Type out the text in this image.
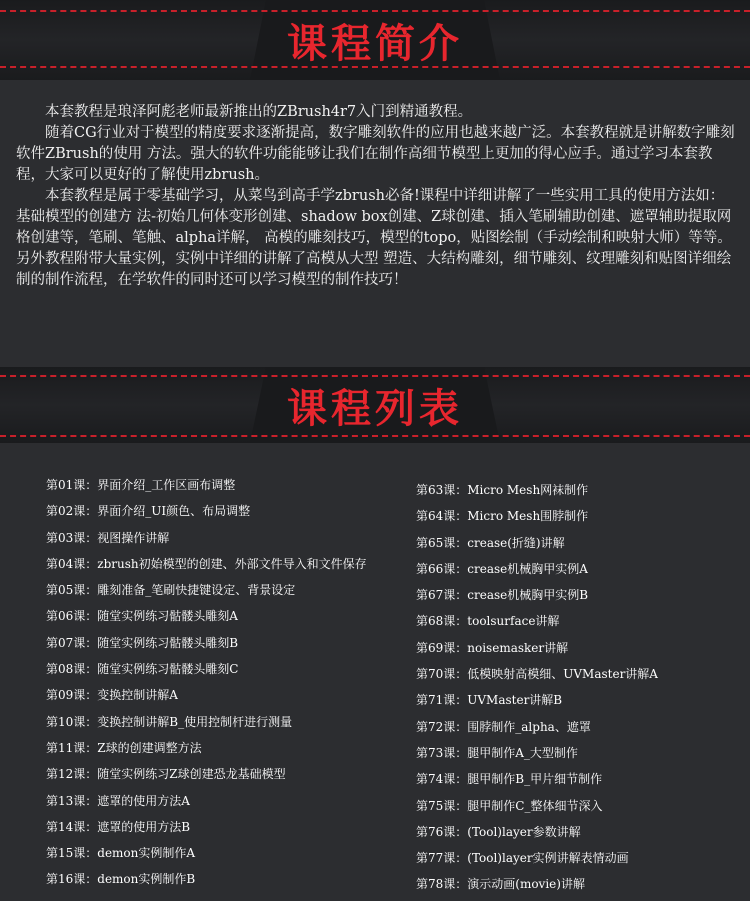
课程简介

本套教程是琅泽阿彪老师最新推出的ZBrush4r7入门到精通教程。

随着CG行业对于模型的精度要求逐渐提高，数字雕刻软件的应用也越来越广泛。本套教程就是讲解数字雕刻软件ZBrush的使用 方法。强大的软件功能能够让我们在制作高细节模型上更加的得心应手。通过学习本套教程，大家可以更好的了解使用zbrush。

本套教程是属于零基础学习，从菜鸟到高手学zbrush必备!课程中详细讲解了一些实用工具的使用方法如：基础模型的创建方 法-初始几何体变形创建、shadow box创建、Z球创建、插入笔刷辅助创建、遮罩辅助提取网格创建等，笔刷、笔触、alpha详解， 高模的雕刻技巧，模型的topo，贴图绘制（手动绘制和映射大师）等等。另外教程附带大量实例，实例中详细的讲解了高模从大型 塑造、大结构雕刻，细节雕刻、纹理雕刻和贴图详细绘制的制作流程，在学软件的同时还可以学习模型的制作技巧！

课程列表
第01课：界面介绍_工作区画布调整
第02课：界面介绍_UI颜色、布局调整
第03课：视图操作讲解
第04课：zbrush初始模型的创建、外部文件导入和文件保存
第05课：雕刻准备_笔刷快捷键设定、背景设定
第06课：随堂实例练习骷髅头雕刻A
第07课：随堂实例练习骷髅头雕刻B
第08课：随堂实例练习骷髅头雕刻C
第09课：变换控制讲解A
第10课：变换控制讲解B_使用控制杆进行测量
第11课：Z球的创建调整方法
第12课：随堂实例练习Z球创建恐龙基础模型
第13课：遮罩的使用方法A
第14课：遮罩的使用方法B
第15课：demon实例制作A
第16课：demon实例制作B
第63课：Micro Mesh网袜制作
第64课：Micro Mesh围脖制作
第65课：crease(折缝)讲解
第66课：crease机械胸甲实例A
第67课：crease机械胸甲实例B
第68课：toolsurface讲解
第69课：noisemasker讲解
第70课：低模映射高模细、UVMaster讲解A
第71课：UVMaster讲解B
第72课：围脖制作_alpha、遮罩
第73课：腿甲制作A_大型制作
第74课：腿甲制作B_甲片细节制作
第75课：腿甲制作C_整体细节深入
第76课：(Tool)layer参数讲解
第77课：(Tool)layer实例讲解表情动画
第78课：演示动画(movie)讲解
